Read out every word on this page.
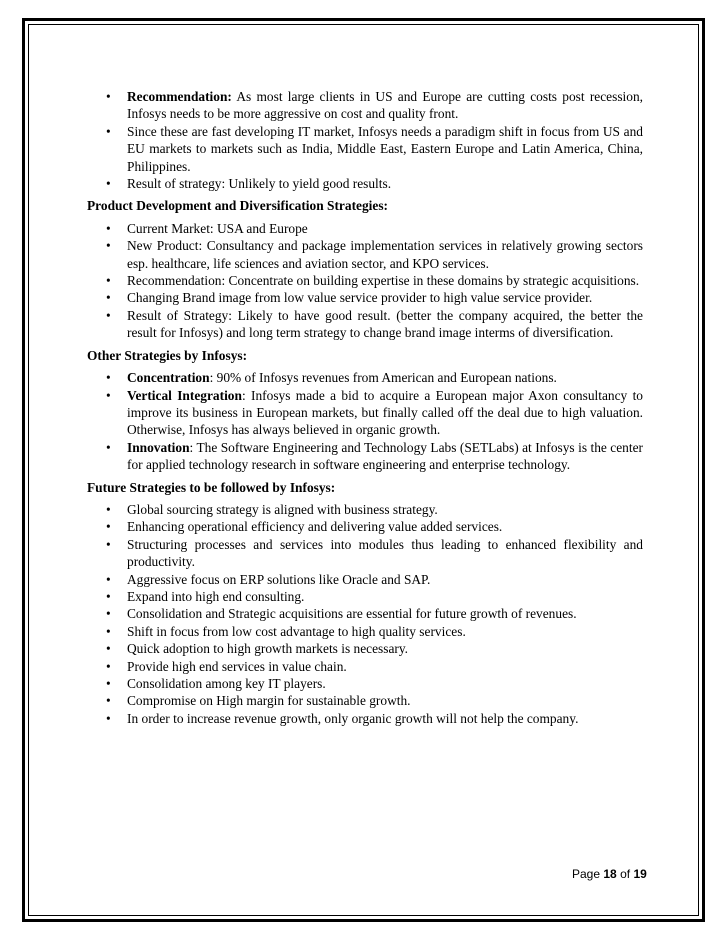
• Recommendation: As most large clients in US and Europe are cutting costs post recession, Infosys needs to be more aggressive on cost and quality front.
• Since these are fast developing IT market, Infosys needs a paradigm shift in focus from US and EU markets to markets such as India, Middle East, Eastern Europe and Latin America, China, Philippines.
• Result of strategy: Unlikely to yield good results.

Product Development and Diversification Strategies:

• Current Market: USA and Europe
• New Product: Consultancy and package implementation services in relatively growing sectors esp. healthcare, life sciences and aviation sector, and KPO services.
• Recommendation: Concentrate on building expertise in these domains by strategic acquisitions.
• Changing Brand image from low value service provider to high value service provider.
• Result of Strategy: Likely to have good result. (better the company acquired, the better the result for Infosys) and long term strategy to change brand image interms of diversification.

Other Strategies by Infosys:

• Concentration: 90% of Infosys revenues from American and European nations.
• Vertical Integration: Infosys made a bid to acquire a European major Axon consultancy to improve its business in European markets, but finally called off the deal due to high valuation. Otherwise, Infosys has always believed in organic growth.
• Innovation: The Software Engineering and Technology Labs (SETLabs) at Infosys is the center for applied technology research in software engineering and enterprise technology.

Future Strategies to be followed by Infosys:

• Global sourcing strategy is aligned with business strategy.
• Enhancing operational efficiency and delivering value added services.
• Structuring processes and services into modules thus leading to enhanced flexibility and productivity.
• Aggressive focus on ERP solutions like Oracle and SAP.
• Expand into high end consulting.
• Consolidation and Strategic acquisitions are essential for future growth of revenues.
• Shift in focus from low cost advantage to high quality services.
• Quick adoption to high growth markets is necessary.
• Provide high end services in value chain.
• Consolidation among key IT players.
• Compromise on High margin for sustainable growth.
• In order to increase revenue growth, only organic growth will not help the company.
Page 18 of 19
